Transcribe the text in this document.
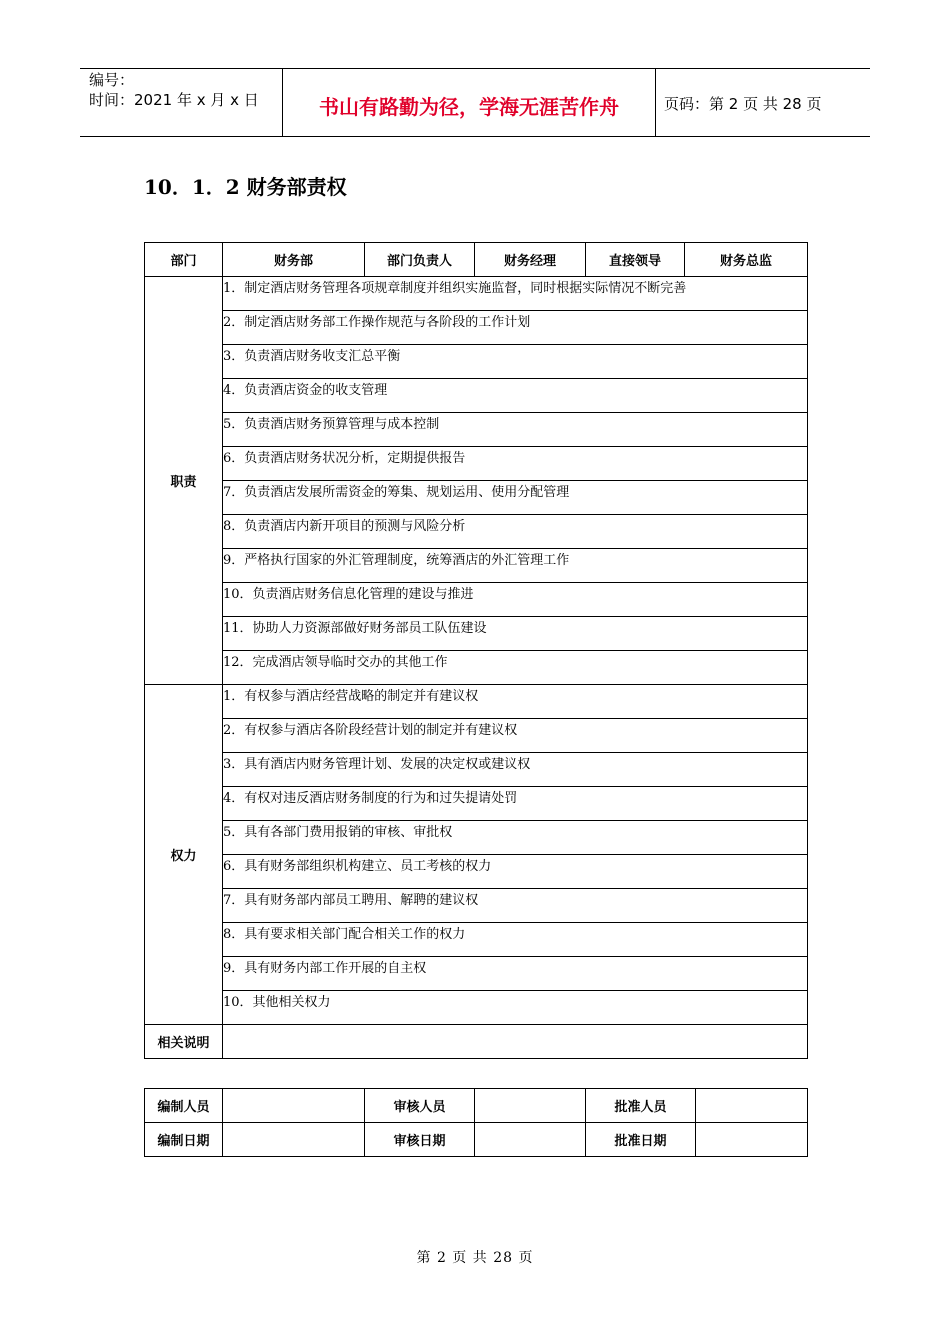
编号：
时间：2021 年 x 月 x 日	书山有路勤为径，学海无涯苦作舟	页码：第 2 页 共 28 页
10．1．2 财务部责权
部门	财务部	部门负责人	财务经理	直接领导	财务总监
职责	1．制定酒店财务管理各项规章制度并组织实施监督，同时根据实际情况不断完善				
	2．制定酒店财务部工作操作规范与各阶段的工作计划				
	3．负责酒店财务收支汇总平衡				
	4．负责酒店资金的收支管理				
	5．负责酒店财务预算管理与成本控制				
	6．负责酒店财务状况分析，定期提供报告				
	7．负责酒店发展所需资金的筹集、规划运用、使用分配管理				
	8．负责酒店内新开项目的预测与风险分析				
	9．严格执行国家的外汇管理制度，统筹酒店的外汇管理工作				
	10．负责酒店财务信息化管理的建设与推进				
	11．协助人力资源部做好财务部员工队伍建设				
	12．完成酒店领导临时交办的其他工作				
权力	1．有权参与酒店经营战略的制定并有建议权				
	2．有权参与酒店各阶段经营计划的制定并有建议权				
	3．具有酒店内财务管理计划、发展的决定权或建议权				
	4．有权对违反酒店财务制度的行为和过失提请处罚				
	5．具有各部门费用报销的审核、审批权				
	6．具有财务部组织机构建立、员工考核的权力				
	7．具有财务部内部员工聘用、解聘的建议权				
	8．具有要求相关部门配合相关工作的权力				
	9．具有财务内部工作开展的自主权				
	10．其他相关权力				
相关说明					
编制人员		审核人员		批准人员	
编制日期		审核日期		批准日期	
第 2 页 共 28 页
